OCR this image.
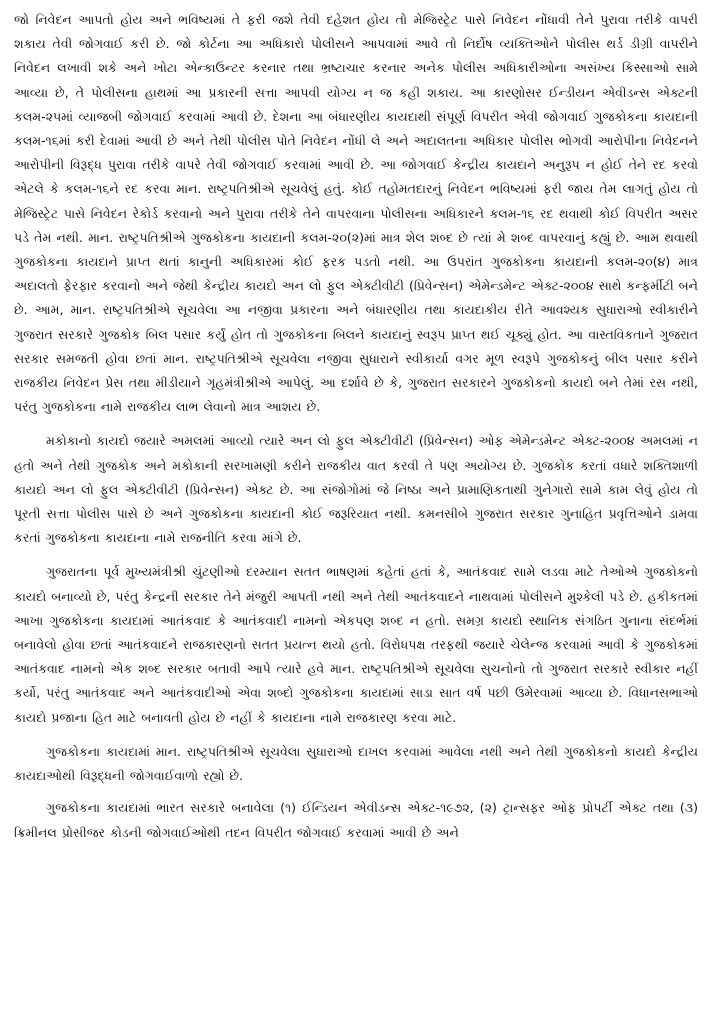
જો નિવેદન આપતો હોય અને ભવિષ્યમાં તે ફરી જશે તેવી દહેશત હોય તો મેજિસ્ટ્રેટ પાસે નિવેદન નોંધાવી તેને પુરાવા તરીકે વાપરી શકાય તેવી જોગવાઈ કરી છે. જો કોર્ટના આ અધિકારો પોલીસને આપવામાં આવે તો નિર્દોષ વ્યક્તિઓને પોલીસ થર્ડ ડીગ્રી વાપરીને નિવેદન લખાવી શકે અને ખોટા એન્કાઉન્ટર કરનાર તથા ભ્રષ્ટાચાર કરનાર અનેક પોલીસ અધિકારીઓના અસંખ્ય કિસ્સાઓ સામે આવ્યા છે, તે પોલીસના હાથમાં આ પ્રકારની સત્તા આપવી યોગ્ય ન જ કહી શકાય. આ કારણોસર ઈન્ડીયન એવીડન્સ એક્ટની કલમ-૨૫માં વ્યાજબી જોગવાઈ કરવામાં આવી છે. દેશના આ બંધારણીય કાયદાથી સંપૂર્ણ વિપરીત એવી જોગવાઈ ગુજકોકના કાયદાની કલમ-૧૬માં કરી દેવામાં આવી છે અને તેથી પોલીસ પોતે નિવેદન નોંધી લે અને અદાલતના અધિકાર પોલીસ ભોગવી આરોપીના નિવેદનને આરોપીની વિરૂદ્ધ પુરાવા તરીકે વાપરે તેવી જોગવાઈ કરવામાં આવી છે. આ જોગવાઈ કેન્દ્રીય કાયદાને અનુરૂપ ન હોઈ તેને રદ કરવો એટલે કે કલમ-૧૬ને રદ કરવા માન. રાષ્ટ્રપતિશ્રીએ સૂચવેલું હતું. કોઈ તહોમતદારનું નિવેદન ભવિષ્યમાં ફરી જાય તેમ લાગતું હોય તો મેજિસ્ટ્રેટ પાસે નિવેદન રેકોર્ડ કરવાનો અને પુરાવા તરીકે તેને વાપરવાના પોલીસના અધિકારને કલમ-૧૬ રદ થવાથી કોઈ વિપરીત અસર પડે તેમ નથી. માન. રાષ્ટ્રપતિશ્રીએ ગુજકોકના કાયદાની કલમ-૨૦(૨)માં માત્ર શેલ શબ્દ છે ત્યાં મે શબ્દ વાપરવાનું કહ્યું છે. આમ થવાથી ગુજકોકના કાયદાને પ્રાપ્ત થતાં કાનુની અધિકારમાં કોઈ ફરક પડતો નથી. આ ઉપરાંત ગુજકોકના કાયદાની કલમ-૨૦(૪) માત્ર અદાલતો ફેરફાર કરવાનો અને જેથી કેન્દ્રીય કાયદો અન લો ફુલ એક્ટીવીટી (પ્રિવેન્સન) એમેન્ડમેન્ટ એક્ટ-૨૦૦૪ સાથે કન્ફર્મીટી બને છે. આમ, માન. રાષ્ટ્રપતિશ્રીએ સૂચવેલા આ નજીવા પ્રકારના અને બંધારણીય તથા કાયદાકીય રીતે આવશ્યક સુધારાઓ સ્વીકારીને ગુજરાત સરકારે ગુજકોક બિલ પસાર કર્યું હોત તો ગુજકોકના બિલને કાયદાનું સ્વરૂપ પ્રાપ્ત થઈ ચૂક્યું હોત. આ વાસ્તવિકતાને ગુજરાત સરકાર સમજતી હોવા છતાં માન. રાષ્ટ્રપતિશ્રીએ સૂચવેલા નજીવા સુધારાને સ્વીકાર્યા વગર મૂળ સ્વરૂપે ગુજકોકનું બીલ પસાર કરીને રાજકીય નિવેદન પ્રેસ તથા મીડીયાને ગૃહમંત્રીશ્રીએ આપેલું. આ દર્શાવે છે કે, ગુજરાત સરકારને ગુજકોકનો કાયદો બને તેમાં રસ નથી, પરંતુ ગુજકોકના નામે રાજકીય લાભ લેવાનો માત્ર આશય છે.

મકોકાનો કાયદો જયારે અમલમાં આવ્યો ત્યારે અન લો ફુલ એક્ટીવીટી (પ્રિવેન્સન) ઓફ એમેન્ડમેન્ટ એક્ટ-૨૦૦૪ અમલમાં ન હતો અને તેથી ગુજકોક અને મકોકાની સરખામણી કરીને રાજકીય વાત કરવી તે પણ અયોગ્ય છે. ગુજકોક કરતાં વધારે શક્તિશાળી કાયદો અન લો ફુલ એક્ટીવીટી (પ્રિવેન્સન) એક્ટ છે. આ સંજોગોમાં જે નિષ્ઠા અને પ્રામાણિકતાથી ગુનેગારો સામે કામ લેવું હોય તો પૂરતી સત્તા પોલીસ પાસે છે અને ગુજકોકના કાયદાની કોઈ જરૂરિયાત નથી. કમનસીબે ગુજરાત સરકાર ગુનાહિત પ્રવૃત્તિઓને ડામવા કરતાં ગુજકોકના કાયદાના નામે રાજનીતિ કરવા માંગે છે.

ગુજરાતના પૂર્વ મુખ્યમંત્રીશ્રી ચુંટણીઓ દરમ્યાન સતત ભાષણમાં કહેતાં હતાં કે, આતંકવાદ સામે લડવા માટે તેઓએ ગુજકોકનો કાયદો બનાવ્યો છે, પરંતુ કેન્દ્રની સરકાર તેને મંજુરી આપતી નથી અને તેથી આતંકવાદને નાથવામાં પોલીસને મુશ્કેલી પડે છે. હકીકતમાં આખા ગુજકોકના કાયદામાં આતંકવાદ કે આતંકવાદી નામનો એકપણ શબ્દ ન હતો. સમગ્ર કાયદો સ્થાનિક સંગઠિત ગુનાના સંદર્ભમાં બનાવેલો હોવા છતાં આતંકવાદને રાજકારણનો સતત પ્રયત્ન થયો હતો. વિરોધપક્ષ તરફથી જયારે ચેલેન્જ કરવામાં આવી કે ગુજકોકમાં આતંકવાદ નામનો એક શબ્દ સરકાર બતાવી આપે ત્યારે હવે માન. રાષ્ટ્રપતિશ્રીએ સૂચવેલા સુચનોનો તો ગુજરાત સરકારે સ્વીકાર નહીં કર્યો, પરંતુ આતંકવાદ અને આતંકવાદીઓ એવા શબ્દો ગુજકોકના કાયદામાં સાડા સાત વર્ષ પછી ઉમેરવામાં આવ્યા છે. વિધાનસભાઓ કાયદો પ્રજાના હિત માટે બનાવતી હોય છે નહીં કે કાયદાના નામે રાજકારણ કરવા માટે.

ગુજકોકના કાયદામાં માન. રાષ્ટ્રપતિશ્રીએ સૂચવેલા સુધારાઓ દાખલ કરવામાં આવેલા નથી અને તેથી ગુજકોકનો કાયદો કેન્દ્રીય કાયદાઓથી વિરૂદ્ધની જોગવાઈવાળો રહ્યો છે.

ગુજકોકના કાયદામાં ભારત સરકારે બનાવેલા (૧) ઈન્ડિયન એવીડન્સ એક્ટ-૧૯૭૨, (૨) ટ્રાન્સફર ઓફ પ્રોપર્ટી એક્ટ તથા (૩) ક્રિમીનલ પ્રોસીજર કોડની જોગવાઈઓથી તદન વિપરીત જોગવાઈ કરવામાં આવી છે અને
